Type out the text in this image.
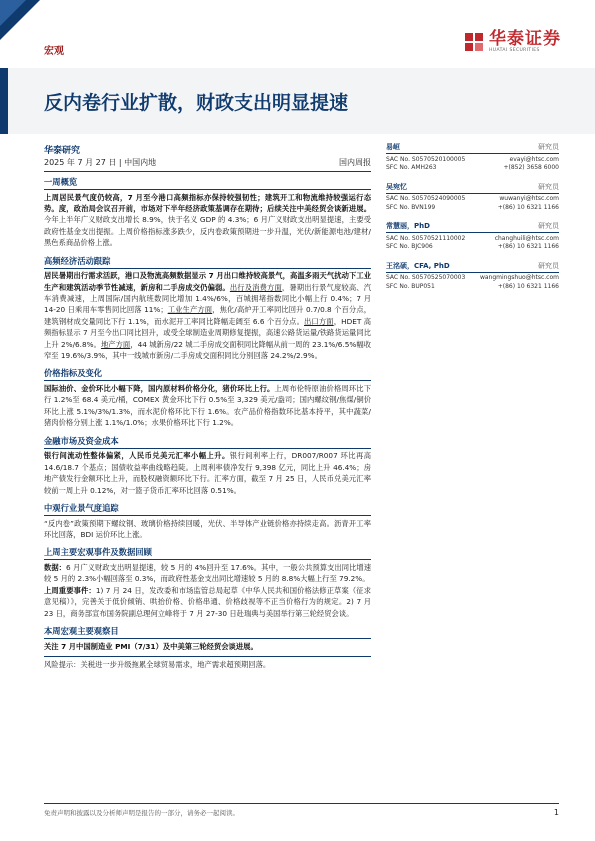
宏观
华泰证券
HUATAI SECURITIES
反内卷行业扩散，财政支出明显提速
华泰研究
2025 年 7 月 27 日 | 中国内地	国内周报
一周概览
上周居民景气度仍较高，7 月至今港口高频指标亦保持较强韧性；建筑开工和物流维持较强运行态势。度，政治局会议召开前，市场对下半年经济政策基调存在期待；后续关注中美经贸会谈新进展。今年上半年广义财政支出增长 8.9%，快于名义 GDP 的 4.3%；6 月广义财政支出明显提速，主要受政府性基金支出提振。上周价格指标涨多跌少，反内卷政策预期进一步升温，光伏/新能源电池/建材/黑色系商品价格上涨。
高频经济活动跟踪
居民暑期出行需求活跃，港口及物流高频数据显示 7 月出口维持较高景气，高温多雨天气扰动下工业生产和建筑活动季节性减速，新房和二手房成交仍偏弱。出行及消费方面，暑期出行景气度较高、汽车消费减速，上周国际/国内航班数同比增加 1.4%/6%，百城拥堵指数同比小幅上行 0.4%；7 月 14-20 日乘用车零售同比回落 11%；工业生产方面，焦化/高炉开工率同比回升 0.7/0.8 个百分点，建筑钢材成交量同比下行 1.1%，而水泥开工率同比降幅走阔至 6.6 个百分点。出口方面，HDET 高频指标显示 7 月至今出口同比回升，或受全球制造业周期修复提振，高速公路货运量/铁路货运量同比上升 2%/6.8%。地产方面，44 城新房/22 城二手房成交面积同比降幅从前一周的 23.1%/6.5%幅收窄至 19.6%/3.9%，其中一线城市新房/二手房成交面积同比分别回落 24.2%/2.9%。
价格指标及变化
国际油价、金价环比小幅下降，国内原材料价格分化，猪价环比上行。上周布伦特原油价格周环比下行 1.2%至 68.4 美元/桶，COMEX 黄金环比下行 0.5%至 3,329 美元/盎司；国内螺纹钢/焦煤/铜价环比上涨 5.1%/3%/1.3%，而水泥价格环比下行 1.6%。农产品价格指数环比基本持平，其中蔬菜/猪肉价格分别上涨 1.1%/1.0%；水果价格环比下行 1.2%。
金融市场及资金成本
银行间流动性整体偏紧，人民币兑美元汇率小幅上升。银行间利率上行，DR007/R007 环比再高 14.6/18.7 个基点；国债收益率曲线略趋陡。上周利率债净发行 9,398 亿元，同比上升 46.4%；房地产债发行金额环比上升，而股权融资额环比下行。汇率方面，截至 7 月 25 日，人民币兑美元汇率较前一周上升 0.12%，对一篮子货币汇率环比回落 0.51%。
中观行业景气度追踪
“反内卷”政策预期下螺纹钢、玻璃价格持续回暖，光伏、半导体产业链价格亦持续走高。沥青开工率环比回落，BDI 运价环比上涨。
上周主要宏观事件及数据回顾
数据：6 月广义财政支出明显提速，较 5 月的 4%回升至 17.6%。其中，一般公共预算支出同比增速较 5 月的 2.3%小幅回落至 0.3%，而政府性基金支出同比增速较 5 月的 8.8%大幅上行至 79.2%。
上周重要事件：1) 7 月 24 日，发改委和市场监管总局起草《中华人民共和国价格法修正草案（征求意见稿）》，完善关于低价倾销、哄抬价格、价格串通、价格歧视等不正当价格行为的规定。2) 7 月 23 日，商务部宣布国务院副总理何立峰将于 7 月 27-30 日赴瑞典与美国举行第三轮经贸会谈。
本周宏观主要观察目
关注 7 月中国制造业 PMI（7/31）及中美第三轮经贸会谈进展。
风险提示：关税进一步升级拖累全球贸易需求，地产需求超预期回落。
易峘	研究员
SAC No. S0570520100005	evayi@htsc.com
SFC No. AMH263	+(852) 3658 6000
吴宛忆	研究员
SAC No. S0570524090005	wuwanyi@htsc.com
SFC No. BVN199	+(86) 10 6321 1166
常慧丽，PhD	研究员
SAC No. S0570521110002	changhuili@htsc.com
SFC No. BJC906	+(86) 10 6321 1166
王洺硕，CFA, PhD	研究员
SAC No. S0570525070003 wangmingshuo@htsc.com
SFC No. BUP051	+(86) 10 6321 1166
免责声明和披露以及分析师声明是报告的一部分，请务必一起阅读。	1
